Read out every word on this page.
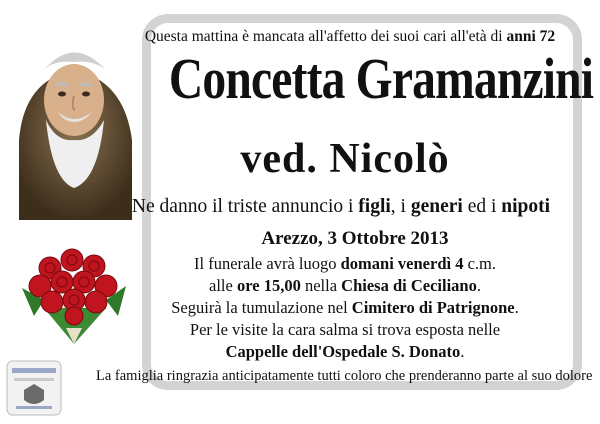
Questa mattina è mancata all'affetto dei suoi cari all'età di anni 72
Concetta Gramanzini
ved. Nicolò
Ne danno il triste annuncio i figli, i generi ed i nipoti
Arezzo, 3 Ottobre 2013
Il funerale avrà luogo domani venerdì 4 c.m.
alle ore 15,00 nella Chiesa di Ceciliano.
Seguirà la tumulazione nel Cimitero di Patrignone.
Per le visite la cara salma si trova esposta nelle
Cappelle dell'Ospedale S. Donato.
La famiglia ringrazia anticipatamente tutti coloro che prenderanno parte al suo dolore
